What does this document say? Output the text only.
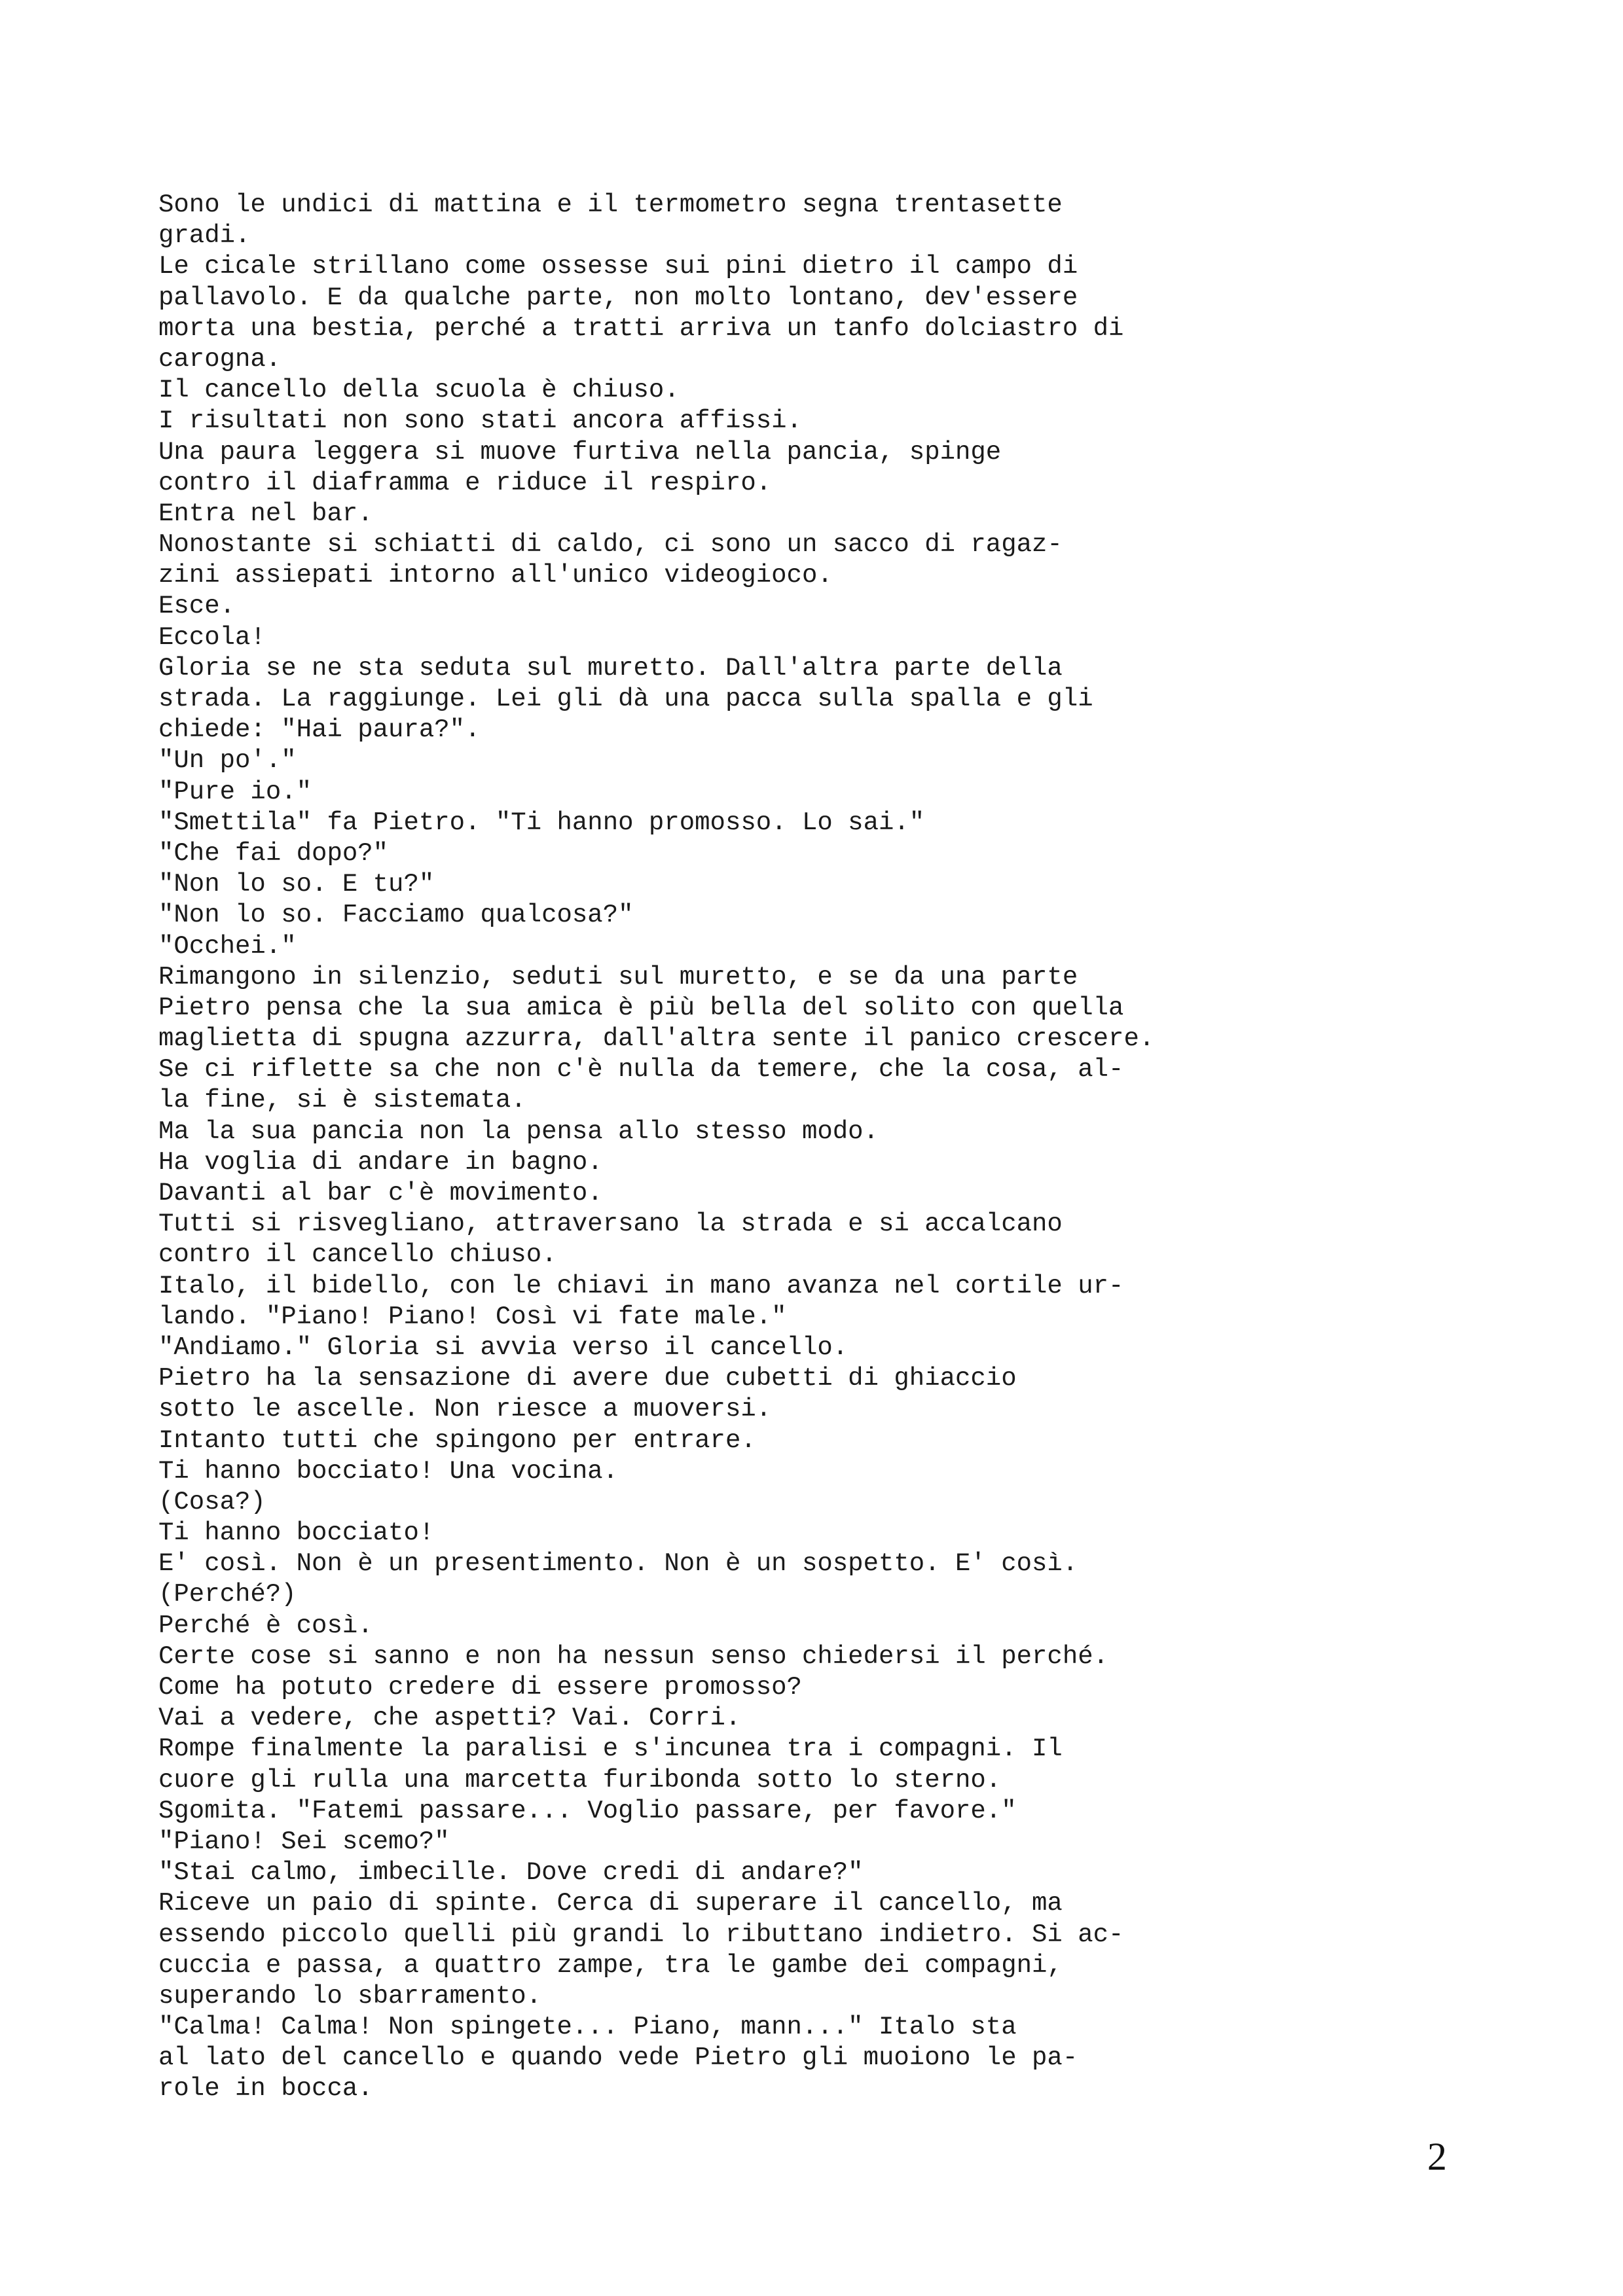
Sono le undici di mattina e il termometro segna trentasette
gradi.
Le cicale strillano come ossesse sui pini dietro il campo di
pallavolo. E da qualche parte, non molto lontano, dev'essere
morta una bestia, perché a tratti arriva un tanfo dolciastro di
carogna.
Il cancello della scuola è chiuso.
I risultati non sono stati ancora affissi.
Una paura leggera si muove furtiva nella pancia, spinge
contro il diaframma e riduce il respiro.
Entra nel bar.
Nonostante si schiatti di caldo, ci sono un sacco di ragaz-
zini assiepati intorno all'unico videogioco.
Esce.
Eccola!
Gloria se ne sta seduta sul muretto. Dall'altra parte della
strada. La raggiunge. Lei gli dà una pacca sulla spalla e gli
chiede: "Hai paura?".
"Un po'."
"Pure io."
"Smettila" fa Pietro. "Ti hanno promosso. Lo sai."
"Che fai dopo?"
"Non lo so. E tu?"
"Non lo so. Facciamo qualcosa?"
"Occhei."
Rimangono in silenzio, seduti sul muretto, e se da una parte
Pietro pensa che la sua amica è più bella del solito con quella
maglietta di spugna azzurra, dall'altra sente il panico crescere.
Se ci riflette sa che non c'è nulla da temere, che la cosa, al-
la fine, si è sistemata.
Ma la sua pancia non la pensa allo stesso modo.
Ha voglia di andare in bagno.
Davanti al bar c'è movimento.
Tutti si risvegliano, attraversano la strada e si accalcano
contro il cancello chiuso.
Italo, il bidello, con le chiavi in mano avanza nel cortile ur-
lando. "Piano! Piano! Così vi fate male."
"Andiamo." Gloria si avvia verso il cancello.
Pietro ha la sensazione di avere due cubetti di ghiaccio
sotto le ascelle. Non riesce a muoversi.
Intanto tutti che spingono per entrare.
Ti hanno bocciato! Una vocina.
(Cosa?)
Ti hanno bocciato!
E' così. Non è un presentimento. Non è un sospetto. E' così.
(Perché?)
Perché è così.
Certe cose si sanno e non ha nessun senso chiedersi il perché.
Come ha potuto credere di essere promosso?
Vai a vedere, che aspetti? Vai. Corri.
Rompe finalmente la paralisi e s'incunea tra i compagni. Il
cuore gli rulla una marcetta furibonda sotto lo sterno.
Sgomita. "Fatemi passare... Voglio passare, per favore."
"Piano! Sei scemo?"
"Stai calmo, imbecille. Dove credi di andare?"
Riceve un paio di spinte. Cerca di superare il cancello, ma
essendo piccolo quelli più grandi lo ributtano indietro. Si ac-
cuccia e passa, a quattro zampe, tra le gambe dei compagni,
superando lo sbarramento.
"Calma! Calma! Non spingete... Piano, mann..." Italo sta
al lato del cancello e quando vede Pietro gli muoiono le pa-
role in bocca.
2
